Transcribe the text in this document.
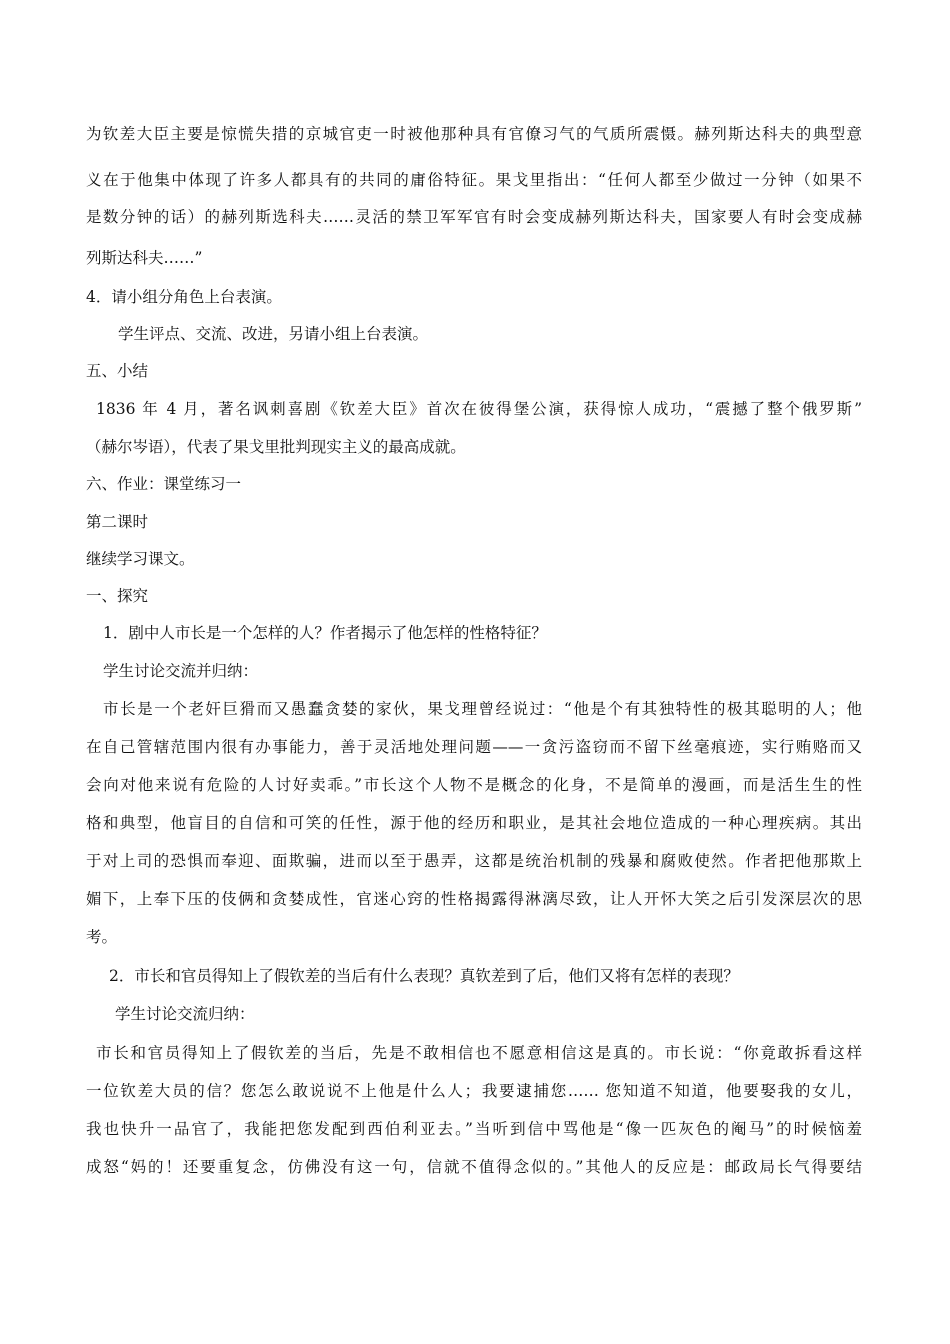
为钦差大臣主要是惊慌失措的京城官吏一时被他那种具有官僚习气的气质所震慑。赫列斯达科夫的典型意
义在于他集中体现了许多人都具有的共同的庸俗特征。果戈里指出：“任何人都至少做过一分钟（如果不
是数分钟的话）的赫列斯选科夫……灵活的禁卫军军官有时会变成赫列斯达科夫，国家要人有时会变成赫
列斯达科夫……”
4．请小组分角色上台表演。
学生评点、交流、改进，另请小组上台表演。
五、小结
1836 年 4 月，著名讽刺喜剧《钦差大臣》首次在彼得堡公演，获得惊人成功，“震撼了整个俄罗斯”
（赫尔岑语），代表了果戈里批判现实主义的最高成就。
六、作业：课堂练习一
第二课时
继续学习课文。
一、探究
1．剧中人市长是一个怎样的人？作者揭示了他怎样的性格特征？
学生讨论交流并归纳：
市长是一个老奸巨猾而又愚蠢贪婪的家伙，果戈理曾经说过：“他是个有其独特性的极其聪明的人；他
在自己管辖范围内很有办事能力，善于灵活地处理问题——一贪污盗窃而不留下丝毫痕迹，实行贿赂而又
会向对他来说有危险的人讨好卖乖。”市长这个人物不是概念的化身，不是简单的漫画，而是活生生的性
格和典型，他盲目的自信和可笑的任性，源于他的经历和职业，是其社会地位造成的一种心理疾病。其出
于对上司的恐惧而奉迎、面欺骗，进而以至于愚弄，这都是统治机制的残暴和腐败使然。作者把他那欺上
媚下，上奉下压的伎俩和贪婪成性，官迷心窍的性格揭露得淋漓尽致，让人开怀大笑之后引发深层次的思
考。
2．市长和官员得知上了假钦差的当后有什么表现？真钦差到了后，他们又将有怎样的表现？
学生讨论交流归纳：
市长和官员得知上了假钦差的当后，先是不敢相信也不愿意相信这是真的。市长说：“你竟敢拆看这样
一位钦差大员的信？您怎么敢说说不上他是什么人；我要逮捕您…… 您知道不知道，他要娶我的女儿，
我也快升一品官了，我能把您发配到西伯利亚去。”当听到信中骂他是“像一匹灰色的阉马”的时候恼羞
成怒“妈的！还要重复念，仿佛没有这一句，信就不值得念似的。”其他人的反应是：邮政局长气得要结
